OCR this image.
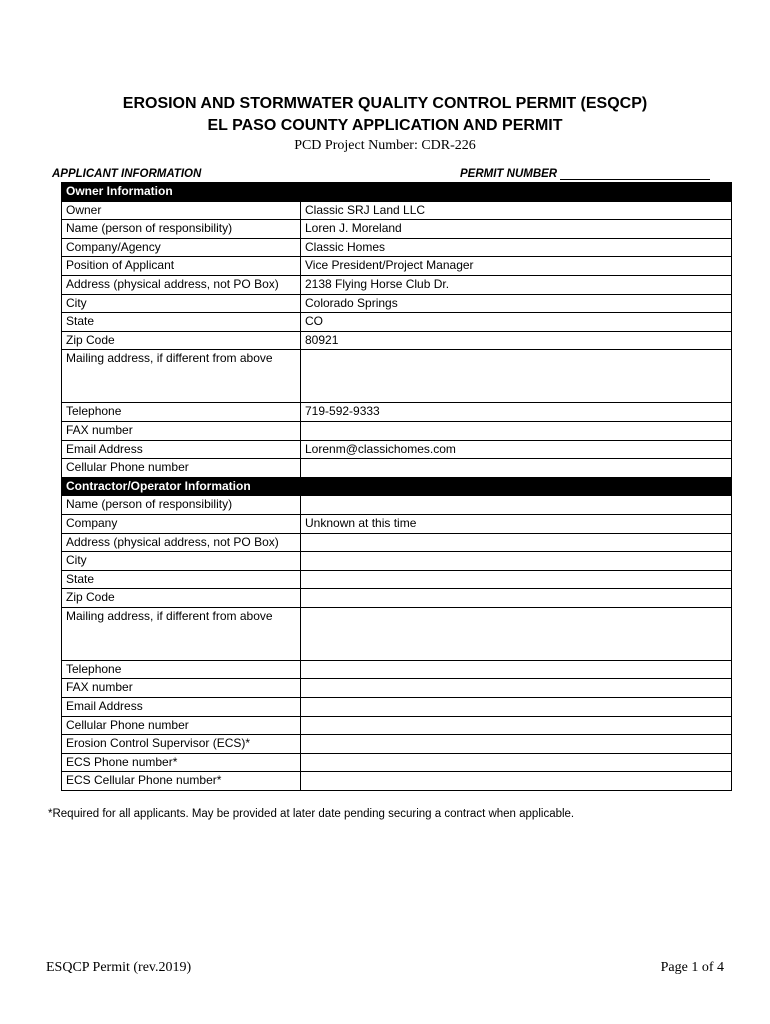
EROSION AND STORMWATER QUALITY CONTROL PERMIT (ESQCP)
EL PASO COUNTY APPLICATION AND PERMIT
PCD Project Number: CDR-226
APPLICANT INFORMATION	PERMIT NUMBER
Owner Information	
Owner	Classic SRJ Land LLC
Name (person of responsibility)	Loren J. Moreland
Company/Agency	Classic Homes
Position of Applicant	Vice President/Project Manager
Address (physical address, not PO Box)	2138 Flying Horse Club Dr.
City	Colorado Springs
State	CO
Zip Code	80921
Mailing address, if different from above	
Telephone	719-592-9333
FAX number	
Email Address	Lorenm@classichomes.com
Cellular Phone number	
Contractor/Operator Information	
Name (person of responsibility)	
Company	Unknown at this time
Address (physical address, not PO Box)	
City	
State	
Zip Code	
Mailing address, if different from above	
Telephone	
FAX number	
Email Address	
Cellular Phone number	
Erosion Control Supervisor (ECS)*	
ECS Phone number*	
ECS Cellular Phone number*	
*Required for all applicants. May be provided at later date pending securing a contract when applicable.
ESQCP Permit (rev.2019)	Page 1 of 4
